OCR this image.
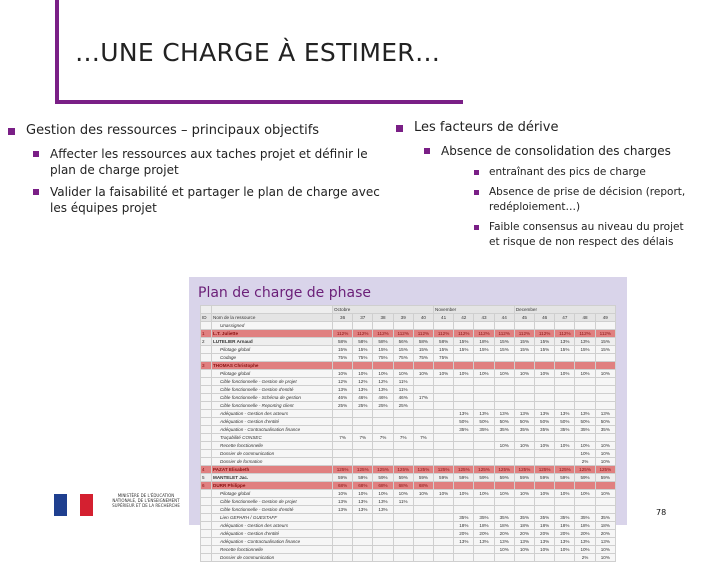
…UNE CHARGE À ESTIMER…
Gestion des ressources – principaux objectifs
Affecter les ressources aux taches projet et définir le plan de charge projet
Valider la faisabilité et partager le plan de charge avec les équipes projet
Les facteurs de dérive
Absence de consolidation des charges
entraînant des pics de charge
Absence de prise de décision (report, redéploiement…)
Faible consensus au niveau du projet et risque de non respect des délais
Plan de charge de phase
		Octobre					November				December				
ID	Nom de la ressource	36	37	38	39	40	41	42	43	44	45	46	47	48	49
	Unassigned														
1	L.T. Juliette	112%	112%	112%	112%	112%	112%	112%	112%	112%	112%	112%	112%	112%	112%
2	LUTELIER Arnaud	58%	58%	58%	56%	58%	58%	15%	18%	15%	15%	15%	13%	13%	15%
	Pilotage global	15%	15%	15%	15%	15%	15%	15%	15%	15%	15%	15%	15%	15%	15%
	Codage	75%	75%	75%	75%	75%	75%								
3	THOMAS Christophe														
	Pilotage global	10%	10%	10%	10%	10%	10%	10%	10%	10%	10%	10%	10%	10%	10%
	Cible fonctionnelle - Gestion de projet	12%	12%	12%	11%										
	Cible fonctionnelle - Gestion d'entité	13%	13%	13%	11%										
	Cible fonctionnelle - Schéma de gestion	46%	46%	46%	46%	17%									
	Cible fonctionnelle - Reporting client	25%	25%	25%	25%										
	Adéquation - Gestion des acteurs							13%	13%	13%	13%	13%	13%	13%	13%
	Adéquation - Gestion d'entité							50%	50%	50%	50%	50%	50%	50%	50%
	Adéquation - Contractualisation finance							35%	35%	35%	35%	35%	35%	35%	35%
	Traçabilité CONSEC	7%	7%	7%	7%	7%									
	Recette fonctionnelle									10%	10%	10%	10%	10%	10%
	Dossier de communication													10%	10%
	Dossier de formation													2%	10%
4	PAZAT Elisabeth	125%	125%	125%	125%	125%	125%	125%	125%	125%	125%	125%	125%	125%	125%
5	MANTELET Jac.	59%	59%	59%	59%	59%	59%	59%	59%	59%	59%	59%	59%	59%	59%
6	DURR Philippe	68%	68%	68%	68%	68%									
	Pilotage global	10%	10%	10%	10%	10%	10%	10%	10%	10%	10%	10%	10%	10%	10%
	Cible fonctionnelle - Gestion de projet	13%	13%	13%	11%										
	Cible fonctionnelle - Gestion d'entité	13%	13%	13%											
	Lien GEPARH / GUESTAFF							35%	35%	35%	35%	35%	35%	35%	35%
	Adéquation - Gestion des acteurs							18%	18%	18%	18%	18%	18%	18%	18%
	Adéquation - Gestion d'entité							20%	20%	20%	20%	20%	20%	20%	20%
	Adéquation - Contractualisation finance							13%	13%	13%	13%	13%	13%	13%	13%
	Recette fonctionnelle									10%	10%	10%	10%	10%	10%
	Dossier de communication													2%	10%
MINISTÈRE DE L'ÉDUCATION NATIONALE, DE L'ENSEIGNEMENT SUPÉRIEUR ET DE LA RECHERCHE
78
